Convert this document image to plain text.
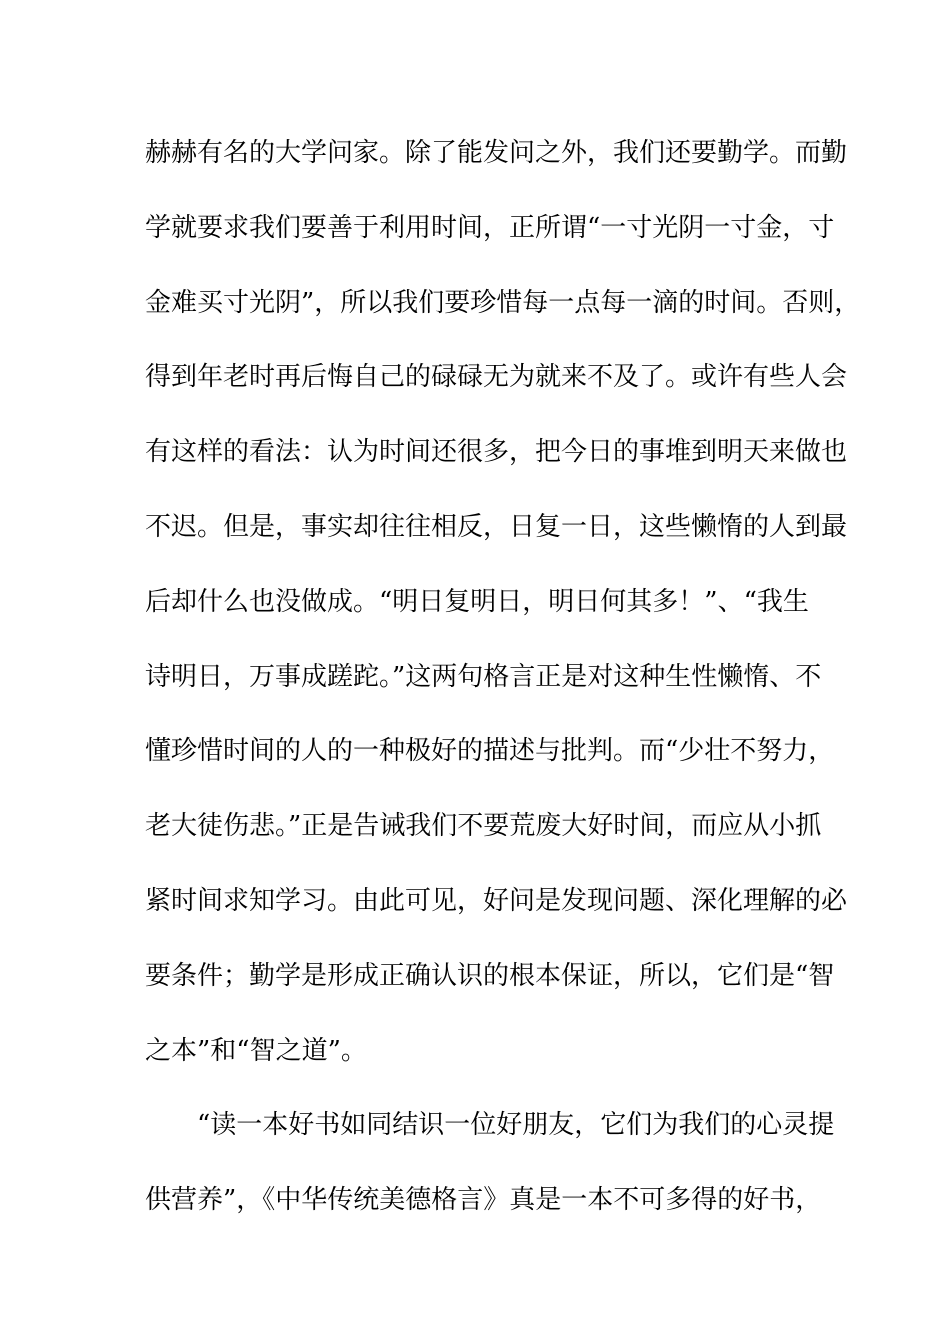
赫赫有名的大学问家。除了能发问之外，我们还要勤学。而勤
学就要求我们要善于利用时间，正所谓“一寸光阴一寸金，寸
金难买寸光阴”，所以我们要珍惜每一点每一滴的时间。否则，
得到年老时再后悔自己的碌碌无为就来不及了。或许有些人会
有这样的看法：认为时间还很多，把今日的事堆到明天来做也
不迟。但是，事实却往往相反，日复一日，这些懒惰的人到最
后却什么也没做成。“明日复明日，明日何其多！”、“我生
诗明日，万事成蹉跎。”这两句格言正是对这种生性懒惰、不
懂珍惜时间的人的一种极好的描述与批判。而“少壮不努力，
老大徒伤悲。”正是告诫我们不要荒废大好时间，而应从小抓
紧时间求知学习。由此可见，好问是发现问题、深化理解的必
要条件；勤学是形成正确认识的根本保证，所以，它们是“智
之本”和“智之道”。
“读一本好书如同结识一位好朋友，它们为我们的心灵提
供营养”，《中华传统美德格言》真是一本不可多得的好书，
